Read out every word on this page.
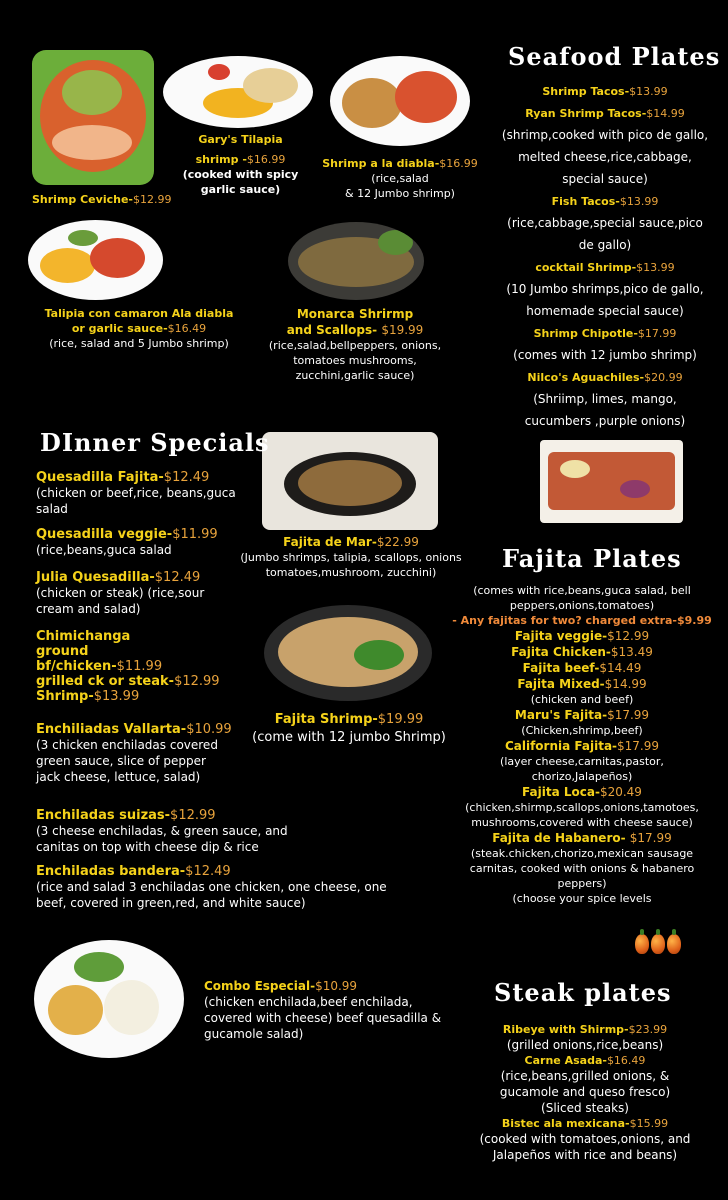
Shrimp Ceviche-$12.99
Gary's Tilapia
shrimp -$16.99
(cooked with spicy garlic sauce)
Shrimp a la diabla-$16.99
(rice,salad
& 12 Jumbo shrimp)
Talipia con camaron Ala diabla
or garlic sauce-$16.49
(rice, salad and 5 Jumbo shrimp)
Monarca Shrirmp
and Scallops- $19.99
(rice,salad,bellpeppers, onions, tomatoes mushrooms, zucchini,garlic sauce)
Fajita de Mar-$22.99
(Jumbo shrimps, talipia, scallops, onions tomatoes,mushroom, zucchini)
Fajita Shrimp-$19.99
(come with 12 jumbo Shrimp)
Combo Especial-$10.99
(chicken enchilada,beef enchilada, covered with cheese) beef quesadilla & gucamole salad)
Seafood Plates
Shrimp Tacos-$13.99
Ryan Shrimp Tacos-$14.99
(shrimp,cooked with pico de gallo, melted cheese,rice,cabbage, special sauce)
Fish Tacos-$13.99
(rice,cabbage,special sauce,pico de gallo)
cocktail Shrimp-$13.99
(10 Jumbo shrimps,pico de gallo, homemade special sauce)
Shrimp Chipotle-$17.99
(comes with 12 jumbo shrimp)
Nilco's Aguachiles-$20.99
(Shriimp, limes, mango, cucumbers ,purple onions)
DInner Specials
Quesadilla Fajita-$12.49
(chicken or beef,rice, beans,guca salad
Quesadilla veggie-$11.99
(rice,beans,guca salad
Julia Quesadilla-$12.49
(chicken or steak) (rice,sour cream and salad)
Chimichanga ground bf/chicken-$11.99
grilled ck or steak-$12.99
Shrimp-$13.99
Enchiliadas Vallarta-$10.99
(3 chicken enchiladas covered green sauce, slice of pepper jack cheese, lettuce, salad)
Enchiladas suizas-$12.99
(3 cheese enchiladas, & green sauce, and canitas on top with cheese dip & rice
Enchiladas bandera-$12.49
(rice and salad 3 enchiladas one chicken, one cheese, one beef, covered in green,red, and white sauce)
Fajita Plates
(comes with rice,beans,guca salad, bell peppers,onions,tomatoes)
- Any fajitas for two? charged extra-$9.99
Fajita veggie-$12.99
Fajita Chicken-$13.49
Fajita beef-$14.49
Fajita Mixed-$14.99
(chicken and beef)
Maru's Fajita-$17.99
(Chicken,shrimp,beef)
California Fajita-$17.99
(layer cheese,carnitas,pastor, chorizo,Jalapeños)
Fajita Loca-$20.49
(chicken,shirmp,scallops,onions,tamotoes, mushrooms,covered with cheese sauce)
Fajita de Habanero- $17.99
(steak.chicken,chorizo,mexican sausage carnitas, cooked with onions & habanero peppers)
(choose your spice levels
Steak plates
Ribeye with Shirmp-$23.99
(grilled onions,rice,beans)
Carne Asada-$16.49
(rice,beans,grilled onions, & gucamole and queso fresco) (Sliced steaks)
Bistec ala mexicana-$15.99
(cooked with tomatoes,onions, and Jalapeños with rice and beans)
